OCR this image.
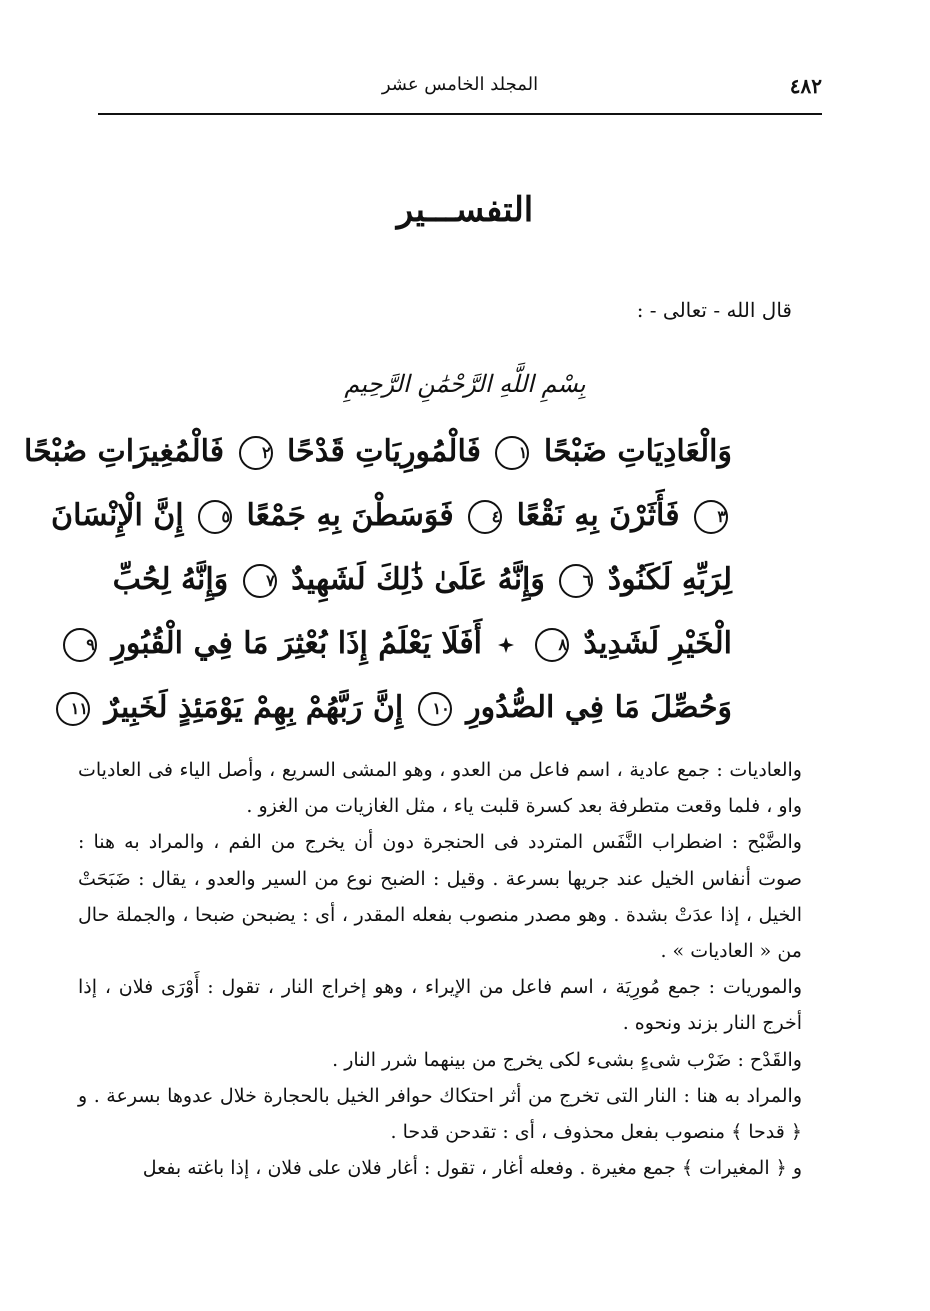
٤٨٢
المجلد الخامس عشر
التفســـير
قال الله - تعالى - :
بِسْمِ اللَّهِ الرَّحْمَٰنِ الرَّحِيمِ
وَالْعَادِيَاتِ ضَبْحًا ١ فَالْمُورِيَاتِ قَدْحًا ٢ فَالْمُغِيرَاتِ صُبْحًا
٣ فَأَثَرْنَ بِهِ نَقْعًا ٤ فَوَسَطْنَ بِهِ جَمْعًا ٥ إِنَّ الْإِنْسَانَ
لِرَبِّهِ لَكَنُودٌ ٦ وَإِنَّهُ عَلَىٰ ذَٰلِكَ لَشَهِيدٌ ٧ وَإِنَّهُ لِحُبِّ
الْخَيْرِ لَشَدِيدٌ ٨  أَفَلَا يَعْلَمُ إِذَا بُعْثِرَ مَا فِي الْقُبُورِ ٩
وَحُصِّلَ مَا فِي الصُّدُورِ ١٠ إِنَّ رَبَّهُمْ بِهِمْ يَوْمَئِذٍ لَخَبِيرٌ ١١

والعاديات : جمع عادية ، اسم فاعل من العدو ، وهو المشى السريع ، وأصل الياء فى العاديات واو ، فلما وقعت متطرفة بعد كسرة قلبت ياء ، مثل الغازيات من الغزو .

والضَّبْح : اضطراب النَّفَس المتردد فى الحنجرة دون أن يخرج من الفم ، والمراد به هنا : صوت أنفاس الخيل عند جريها بسرعة . وقيل : الضبح نوع من السير والعدو ، يقال : ضَبَحَتْ الخيل ، إذا عدَتْ بشدة . وهو مصدر منصوب بفعله المقدر ، أى : يضبحن ضبحا ، والجملة حال من « العاديات » .

والموريات : جمع مُورِيَة ، اسم فاعل من الإيراء ، وهو إخراج النار ، تقول : أَوْرَى فلان ، إذا أخرج النار بزند ونحوه .

والقَدْح : ضَرْب شىءٍ بشىء لكى يخرج من بينهما شرر النار .

والمراد به هنا : النار التى تخرج من أثر احتكاك حوافر الخيل بالحجارة خلال عدوها بسرعة . و ﴿ قدحا ﴾ منصوب بفعل محذوف ، أى : تقدحن قدحا .

و ﴿ المغيرات ﴾ جمع مغيرة . وفعله أغار ، تقول : أغار فلان على فلان ، إذا باغته بفعل
